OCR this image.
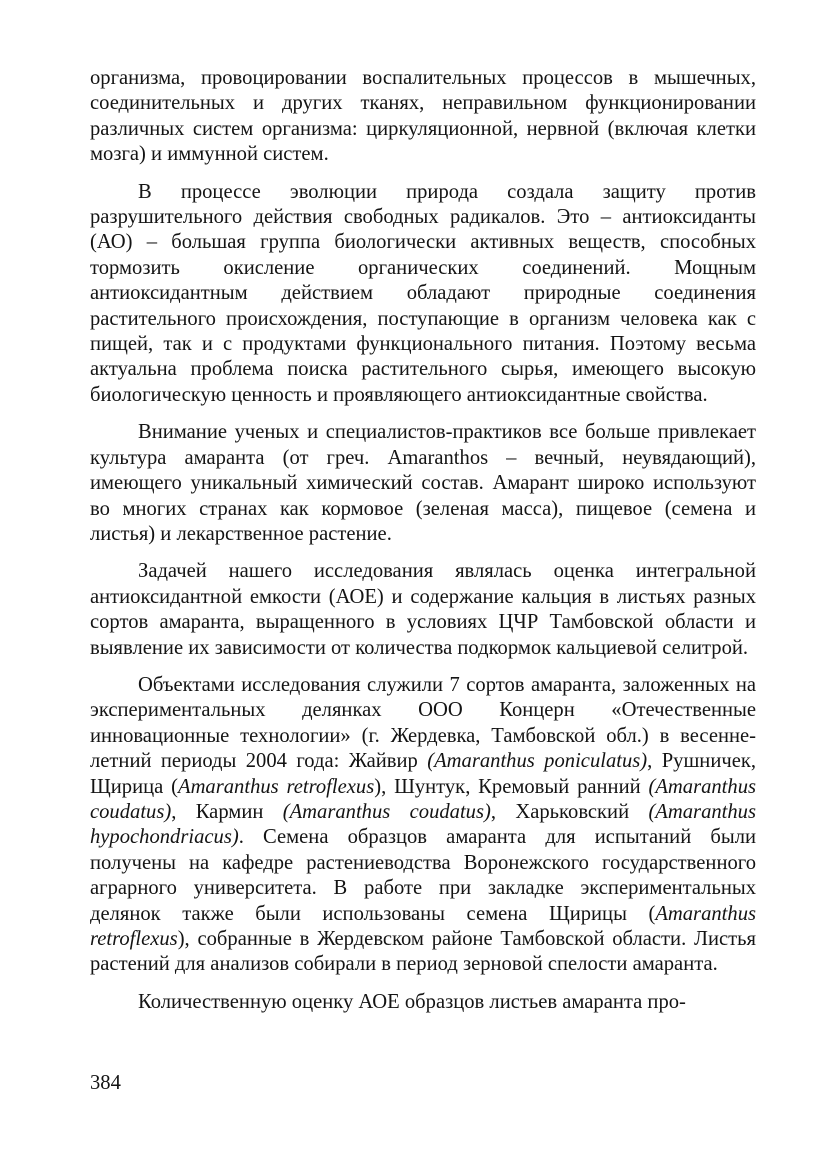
организма, провоцировании воспалительных процессов в мышечных, соединительных и других тканях, неправильном функционировании различных систем организма: циркуляционной, нервной (включая клетки мозга) и иммунной систем.

В процессе эволюции природа создала защиту против разрушительного действия свободных радикалов. Это – антиоксиданты (АО) – большая группа биологически активных веществ, способных тормозить окисление органических соединений. Мощным антиоксидантным действием обладают природные соединения растительного происхождения, поступающие в организм человека как с пищей, так и с продуктами функционального питания. Поэтому весьма актуальна проблема поиска растительного сырья, имеющего высокую биологическую ценность и проявляющего антиоксидантные свойства.

Внимание ученых и специалистов-практиков все больше привлекает культура амаранта (от греч. Amaranthos – вечный, неувядающий), имеющего уникальный химический состав. Амарант широко используют во многих странах как кормовое (зеленая масса), пищевое (семена и листья) и лекарственное растение.

Задачей нашего исследования являлась оценка интегральной антиоксидантной емкости (АОЕ) и содержание кальция в листьях разных сортов амаранта, выращенного в условиях ЦЧР Тамбовской области и выявление их зависимости от количества подкормок кальциевой селитрой.

Объектами исследования служили 7 сортов амаранта, заложенных на экспериментальных делянках ООО Концерн «Отечественные инновационные технологии» (г. Жердевка, Тамбовской обл.) в весенне-летний периоды 2004 года: Жайвир (Amaranthus poniculatus), Рушничек, Щирица (Amaranthus retroflexus), Шунтук, Кремовый ранний (Amaranthus coudatus), Кармин (Amaranthus coudatus), Харьковский (Amaranthus hypochondriacus). Семена образцов амаранта для испытаний были получены на кафедре растениеводства Воронежского государственного аграрного университета. В работе при закладке экспериментальных делянок также были использованы семена Щирицы (Amaranthus retroflexus), собранные в Жердевском районе Тамбовской области. Листья растений для анализов собирали в период зерновой спелости амаранта.

Количественную оценку АОЕ образцов листьев амаранта про-

384
